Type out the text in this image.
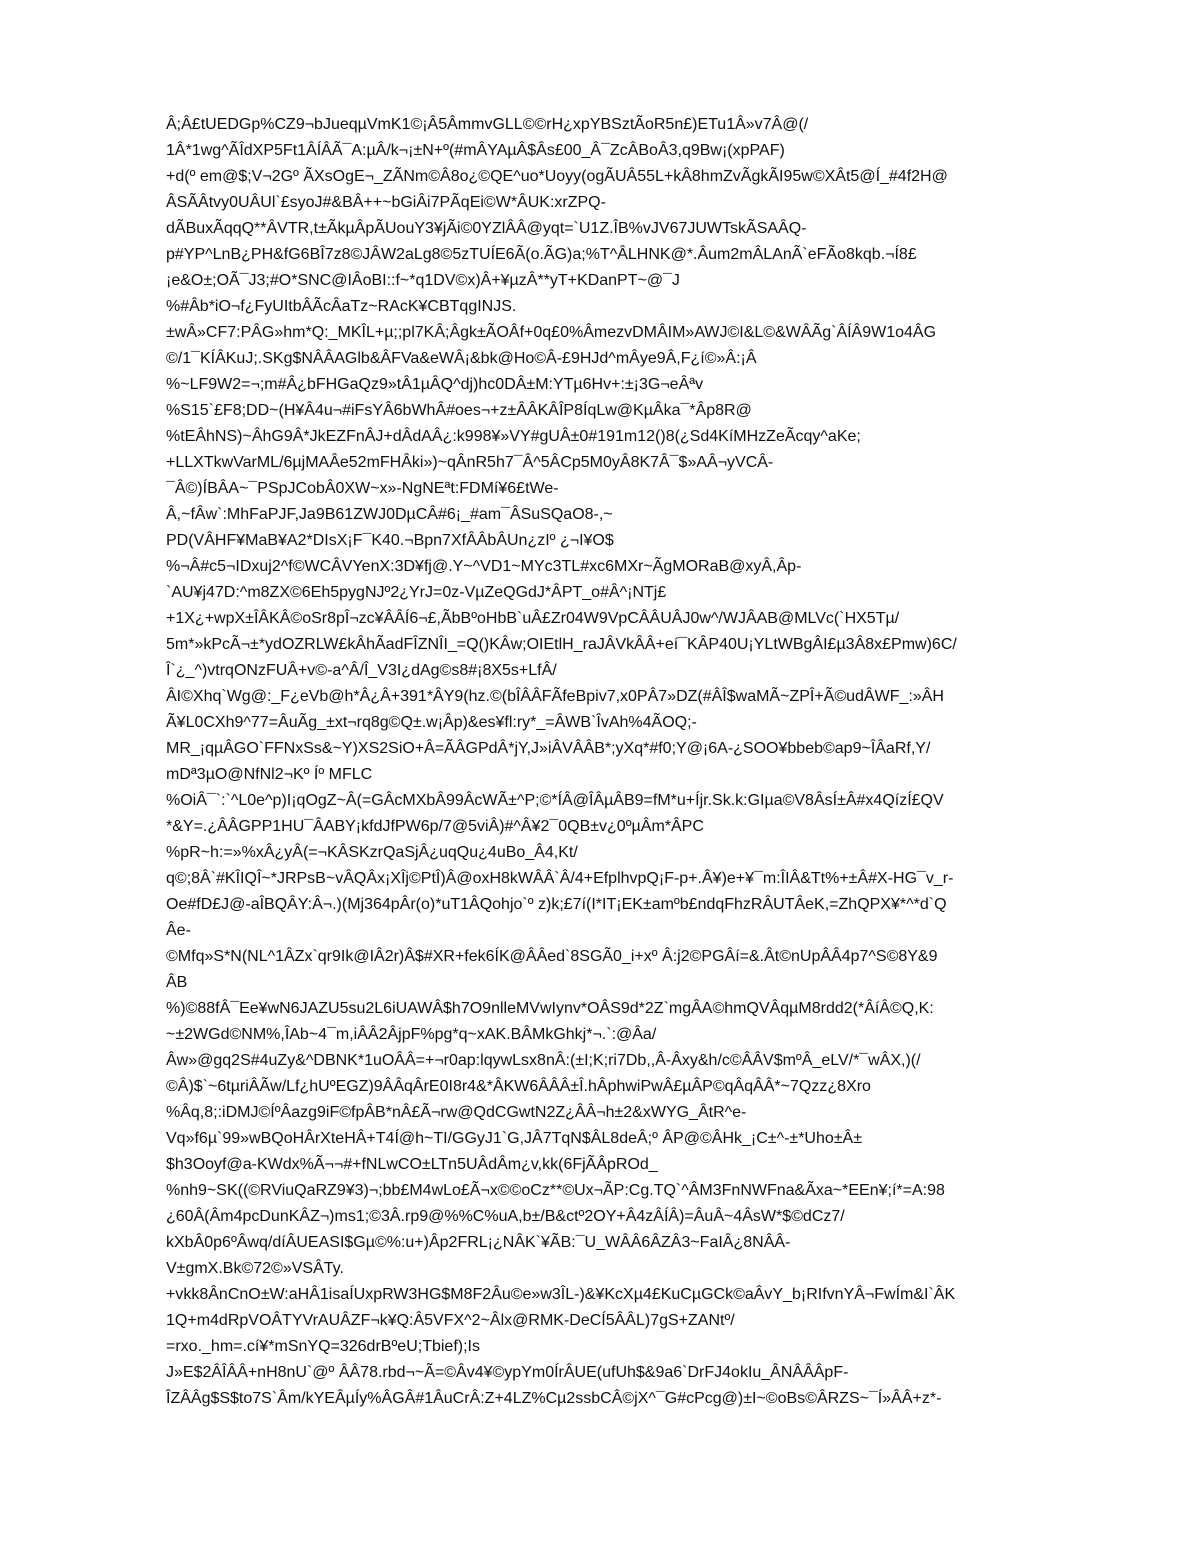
Â;Â£tUEDGp%CZ9¬bJueqµVmK1©¡Â5ÂmmvGLL©©rH¿xpYBSztÃoR5n£)ETu1Â»v7Â@(/
1Â*1wg^ÃÎdXP5Ft1ÂÍÂÃ¯A:µÂ/k¬¡±N+º(#mÂYAµÂ$Âs£00_Â¯ZcÂBoÂ3,q9Bw¡(xpPAF)
+d(º em@$;V¬2Gº ÃXsOgE¬_ZÃNm©Â8o¿©QE^uo*Uoyy(ogÃUÂ55L+kÂ8hmZvÃgkÃI95w©XÂt5@Í_#4f2H@
ÂSÃÂtvy0UÂUl`£syoJ#&BÂ++~bGiÂi7PÃqEi©W*ÂUK:xrZPQ-
dÃBuxÃqqQ**ÂVTR,t±ÃkµÂpÃUouY3¥jÃi©0YZlÂÂ@yqt=`U1Z.ÎB%vJV67JUWTskÃSAÂQ-
p#YP^LnB¿PH&fG6BÎ7z8©JÂW2aLg8©5zTUÍE6Ã(o.ÃG)a;%T^ÂLHNK@*.Âum2mÂLAnÃ`eFÃo8kqb.¬Í8£
¡e&O±;OÃ¯J3;#O*SNC@IÂoBI::f~*q1DV©x)Â+¥µzÂ**yT+KDanPT~@¯J
%#Âb*iO¬f¿FyUItbÂÃcÂaTz~RAcK¥CBTqgINJS.
±wÂ»CF7:PÂG»hm*Q:_MKÎL+µ;;pl7KÂ;Âgk±ÃOÂf+0q£0%ÂmezvDMÂIM»AWJ©I&L©&WÂÃg`ÂÍÂ9W1o4ÂG
©/1¯KÍÂKuJ;.SKg$NÂÂAGlb&ÂFVa&eWÂ¡&bk@Ho©Â-£9HJd^mÂye9Â,F¿í©»Â:¡Â
%~LF9W2=¬;m#Â¿bFHGaQz9»tÂ1µÂQ^dj)hc0DÂ±M:YTµ6Hv+:±¡3G¬eÂªv
%S15`£F8;DD~(H¥Â4u¬#iFsYÂ6bWhÂ#oes¬+z±ÂÂKÂÎP8ÍqLw@KµÂka¯*Âp8R@
%tEÂhNS)~ÂhG9Â*JkEZFnÂJ+dÂdAÂ¿:k998¥»VY#gUÂ±0#191m12()8(¿Sd4KíMHzZeÃcqy^aKe;
+LLXTkwVarML/6µjMAÂe52mFHÂki»)~qÂnR5h7¯Â^5ÂCp5M0yÂ8K7Â¯$»AÂ¬yVCÂ-
¯Â©)ÍBÂA~¯PSpJCobÂ0XW~x»-NgNEªt:FDMí¥6£tWe-
Â,~fÂw`:MhFaPJF,Ja9B61ZWJ0DµCÂ#6¡_#am¯ÂSuSQaO8-,~
PD(VÂHF¥MaB¥A2*DIsX¡F¯K40.¬Bpn7XfÂÂbÂUn¿zIº ¿¬I¥O$
%¬Â#c5¬IDxuj2^f©WCÂVYenX:3D¥fj@.Y~^VD1~MYc3TL#xc6MXr~ÃgMORaB@xyÂ,Âp-
`AU¥j47D:^m8ZX©6Eh5pygNJº2¿YrJ=0z-VµZeQGdJ*ÂPT_o#Â^¡NTj£
+1X¿+wpX±ÎÂKÂ©oSr8pÎ¬zc¥ÂÂÍ6¬£,ÃbBºoHbB`uÂ£Zr04W9VpCÂÂUÂJ0w^/WJÂAB@MLVc(`HX5Tµ/
5m*»kPcÃ¬±*ydOZRLW£kÂhÃadFÎZNÎI_=Q()KÂw;OIEtlH_raJÂVkÂÂ+eí¯KÂP40U¡YLtWBgÂI£µ3Â8x£Pmw)6C/
Î`¿_^)vtrqONzFUÂ+v©-a^Â/Î_V3I¿dAg©s8#¡8X5s+LfÂ/
ÂI©Xhq`Wg@:_F¿eVb@h*Â¿Â+391*ÂY9(hz.©(bÎÂÂFÃfeBpiv7,x0PÂ7»DZ(#ÂÎ$waMÃ~ZPÎ+Ã©udÂWF_:»ÂH
Ã¥L0CXh9^77=ÂuÃg_±xt¬rq8g©Q±.w¡Âp)&es¥fl:ry*_=ÂWB`ÎvAh%4ÃOQ;-
MR_¡qµÂGO`FFNxSs&~Y)XS2SiO+Â=ÃÂGPdÂ*jY,J»iÂVÂÂB*;yXq*#f0;Y@¡6A-¿SOO¥bbeb©ap9~ÎÂaRf,Y/
mDª3µO@NfNl2¬Kº Íº MFLC
%OiÂ¯`:`^L0e^p)I¡qOgZ~Â(=GÂcMXbÂ99ÂcWÃ±^P;©*ÍÂ@ÎÂµÂB9=fM*u+Íjr.Sk.k:GIµa©V8ÂsÍ±Â#x4QízÍ£QV
*&Y=.¿ÂÂGPP1HU¯ÂABY¡kfdJfPW6p/7@5viÂ)#^Â¥2¯0QB±v¿0ºµÂm*ÂPC
%pR~h:=»%xÂ¿yÂ(=¬KÂSKzrQaSjÂ¿uqQu¿4uBo_Â4,Kt/
q©;8Â`#KÎIQÎ~*JRPsB~vÂQÂx¡XÎj©PtÎ)Â@oxH8kWÂÂ`Â/4+EfplhvpQ¡F-p+.Â¥)e+¥¯m:ÎIÂ&Tt%+±Â#X-HG¯v_r-
Oe#fD£J@-aÎBQÂY:Â¬.)(Mj364pÂr(o)*uT1ÂQohjo`º z)k;£7í(I*IT¡EK±amºb£ndqFhzRÂUTÂeK,=ZhQPX¥*^*d`Q
Âe-
©Mfq»S*N(NL^1ÂZx`qr9Ik@IÂ2r)Â$#XR+fek6ÍK@ÂÂed`8SGÃ0_i+xº Â:j2©PGÂí=&.Ât©nUpÂÂ4p7^S©8Y&9
ÂB
%)©88fÂ¯Ee¥wN6JAZU5su2L6iUAWÂ$h7O9nlleMVwIynv*OÂS9d*2Z`mgÂA©hmQVÂqµM8rdd2(*ÂíÂ©Q,K:
~±2WGd©NM%,ÎAb~4¯m,iÂÂ2ÂjpF%pg*q~xAK.BÂMkGhkj*¬.`:@Âa/
Âw»@gq2S#4uZy&^DBNK*1uOÂÂ=+¬r0ap:lqywLsx8nÂ:(±I;K;ri7Db,,Â-Âxy&h/c©ÂÂV$mºÂ_eLV/*¯wÂX,)(/
©Â)$`~6tµriÂÃw/Lf¿hUºEGZ)9ÂÂqÂrE0I8r4&*ÂKW6ÂÂÂ±Î.hÂphwiPwÂ£µÂP©qÂqÂÂ*~7Qzz¿8Xro
%Âq,8;:iDMJ©ÍºÂazg9iF©fpÂB*nÂ£Ã¬rw@QdCGwtN2Z¿ÂÂ¬h±2&xWYG_ÂtR^e-
Vq»f6µ`99»wBQoHÂrXteHÂ+T4Í@h~TI/GGyJ1`G,JÂ7TqN$ÂL8deÂ;º ÂP@©ÂHk_¡C±^-±*Uho±Â±
$h3Ooyf@a-KWdx%Ã¬¬#+fNLwCO±LTn5UÂdÂm¿v,kk(6FjÃÂpROd_
%nh9~SK((©RViuQaRZ9¥3)¬;bb£M4wLo£Ã¬x©©oCz**©Ux¬ÃP:Cg.TQ`^ÂM3FnNWFna&Ãxa~*EEn¥;í*=A:98
¿60Â(Âm4pcDunKÂZ¬)ms1;©3Â.rp9@%%C%uA,b±/B&ctº2OY+Â4zÂÍÂ)=ÂuÂ~4ÂsW*$©dCz7/
kXbÂ0p6ºÂwq/díÂUEASI$Gµ©%:u+)Âp2FRL¡¿NÂK`¥ÃB:¯U_WÂÂ6ÂZÂ3~FaIÂ¿8NÂÂ-
V±gmX.Bk©72©»VSÂTy.
+vkk8ÂnCnO±W:aHÂ1isaÍUxpRW3HG$M8F2Âu©e»w3ÎL-)&¥KcXµ4£KuCµGCk©aÂvY_b¡RIfvnYÂ¬FwÍm&I`ÂK
1Q+m4dRpVOÂTYVrAUÂZF¬k¥Q:Â5VFX^2~Âlx@RMK-DeCÍ5ÂÂL)7gS+ZANtº/
=rxo._hm=.cí¥*mSnYQ=326drBºeU;Tbief);Is
J»E$2ÂÎÂÂ+nH8nU`@º ÂÂ78.rbd¬~Ã=©Âv4¥©ypYm0ÍrÂUE(ufUh$&9a6`DrFJ4okIu_ÂNÂÂÂpF-
ÎZÂÂg$S$to7S`Âm/kYEÂµÍy%ÂGÂ#1ÂuCrÂ:Z+4LZ%Cµ2ssbCÂ©jX^¯G#cPcg@)±I~©oBs©ÂRZS~¯Í»ÂÂ+z*-
